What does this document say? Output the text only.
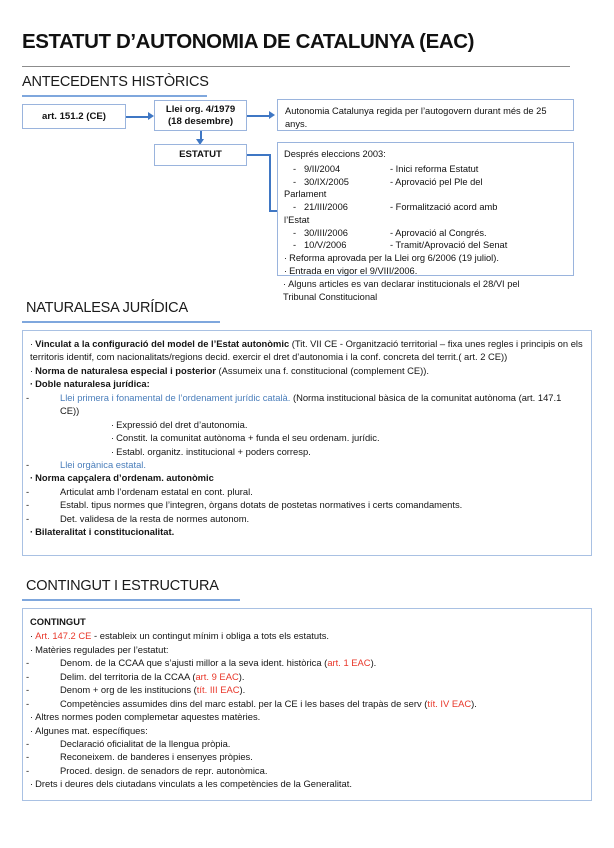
ESTATUT D’AUTONOMIA DE CATALUNYA (EAC)
ANTECEDENTS HISTÒRICS
art. 151.2 (CE)
Llei org. 4/1979
(18 desembre)
ESTATUT
Autonomia Catalunya regida per l’autogovern durant més de 25 anys.
Després eleccions 2003:
- 9/II/2004	- Inici reforma Estatut
- 30/IX/2005	- Aprovació pel Ple del
Parlament
- 21/III/2006	- Formalització acord amb
l’Estat
- 30/III/2006	- Aprovació al Congrés.
- 10/V/2006	- Tramit/Aprovació del Senat
· Reforma aprovada per la Llei org 6/2006 (19 juliol).
· Entrada en vigor el 9/VIII/2006.
· Alguns articles es van declarar institucionals el 28/VI pel
Tribunal Constitucional
NATURALESA JURÍDICA
· Vinculat a la configuració del model de l’Estat autonòmic (Tit. VII CE - Organització territorial – fixa unes regles i principis on els territoris identif, com nacionalitats/regions decid. exercir el dret d’autonomia i la conf. concreta del territ.( art. 2 CE))
· Norma de naturalesa especial i posterior (Assumeix una f. constitucional (complement CE)).
· Doble naturalesa jurídica:
-	Llei primera i fonamental de l’ordenament jurídic català. (Norma institucional bàsica de la comunitat autònoma (art. 147.1 CE))
· Expressió del dret d’autonomia.
· Constit. la comunitat autònoma + funda el seu ordenam. jurídic.
· Establ. organitz. institucional + poders corresp.
-	Llei orgànica estatal.
· Norma capçalera d’ordenam. autonòmic
-	Articulat amb l’ordenam estatal en cont. plural.
-	Establ. tipus normes que l’integren, òrgans dotats de postetas normatives i certs comandaments.
-	Det. validesa de la resta de normes autonom.
· Bilateralitat i constitucionalitat.
CONTINGUT I ESTRUCTURA
CONTINGUT
· Art. 147.2 CE - estableix un contingut mínim i obliga a tots els estatuts.
· Matèries regulades per l’estatut:
-	Denom. de la CCAA que s’ajusti millor a la seva ident. històrica (art. 1 EAC).
-	Delim. del territoria de la CCAA (art. 9 EAC).
-	Denom + org de les institucions (tít. III EAC).
-	Competències assumides dins del marc establ. per la CE i les bases del trapàs de serv (tít. IV EAC).
· Altres normes poden complemetar aquestes matèries.
· Algunes mat. específiques:
-	Declaració oficialitat de la llengua pròpia.
-	Reconeixem. de banderes i ensenyes pròpies.
-	Proced. design. de senadors de repr. autonòmica.
· Drets i deures dels ciutadans vinculats a les competències de la Generalitat.
